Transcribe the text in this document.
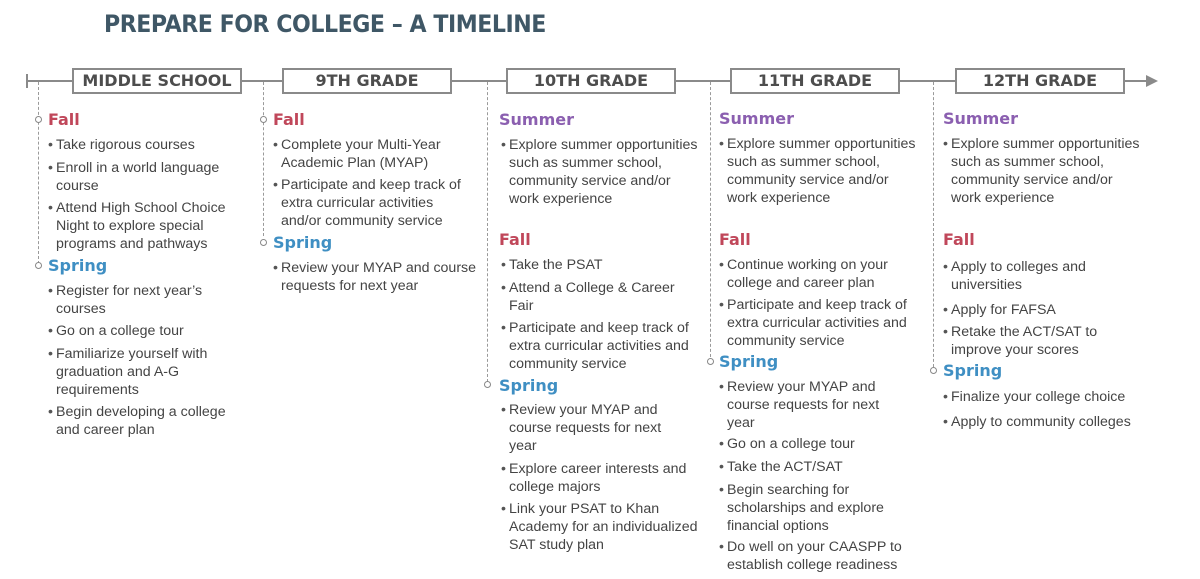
PREPARE FOR COLLEGE – A TIMELINE
MIDDLE SCHOOL	9TH GRADE	10TH GRADE	11TH GRADE	12TH GRADE
Fall
• Take rigorous courses
• Enroll in a world language course
• Attend High School Choice Night to explore special programs and pathways
Spring
• Register for next year’s courses
• Go on a college tour
• Familiarize yourself with graduation and A-G requirements
• Begin developing a college and career plan
Fall
• Complete your Multi-Year Academic Plan (MYAP)
• Participate and keep track of extra curricular activities and/or community service
Spring
• Review your MYAP and course requests for next year
Summer
• Explore summer opportunities such as summer school, community service and/or work experience
Fall
• Take the PSAT
• Attend a College & Career Fair
• Participate and keep track of extra curricular activities and community service
Spring
• Review your MYAP and course requests for next year
• Explore career interests and college majors
• Link your PSAT to Khan Academy for an individualized SAT study plan
Summer
• Explore summer opportunities such as summer school, community service and/or work experience
Fall
• Continue working on your college and career plan
• Participate and keep track of extra curricular activities and community service
Spring
• Review your MYAP and course requests for next year
• Go on a college tour
• Take the ACT/SAT
• Begin searching for scholarships and explore financial options
• Do well on your CAASPP to establish college readiness
Summer
• Explore summer opportunities such as summer school, community service and/or work experience
Fall
• Apply to colleges and universities
• Apply for FAFSA
• Retake the ACT/SAT to improve your scores
Spring
• Finalize your college choice
• Apply to community colleges
